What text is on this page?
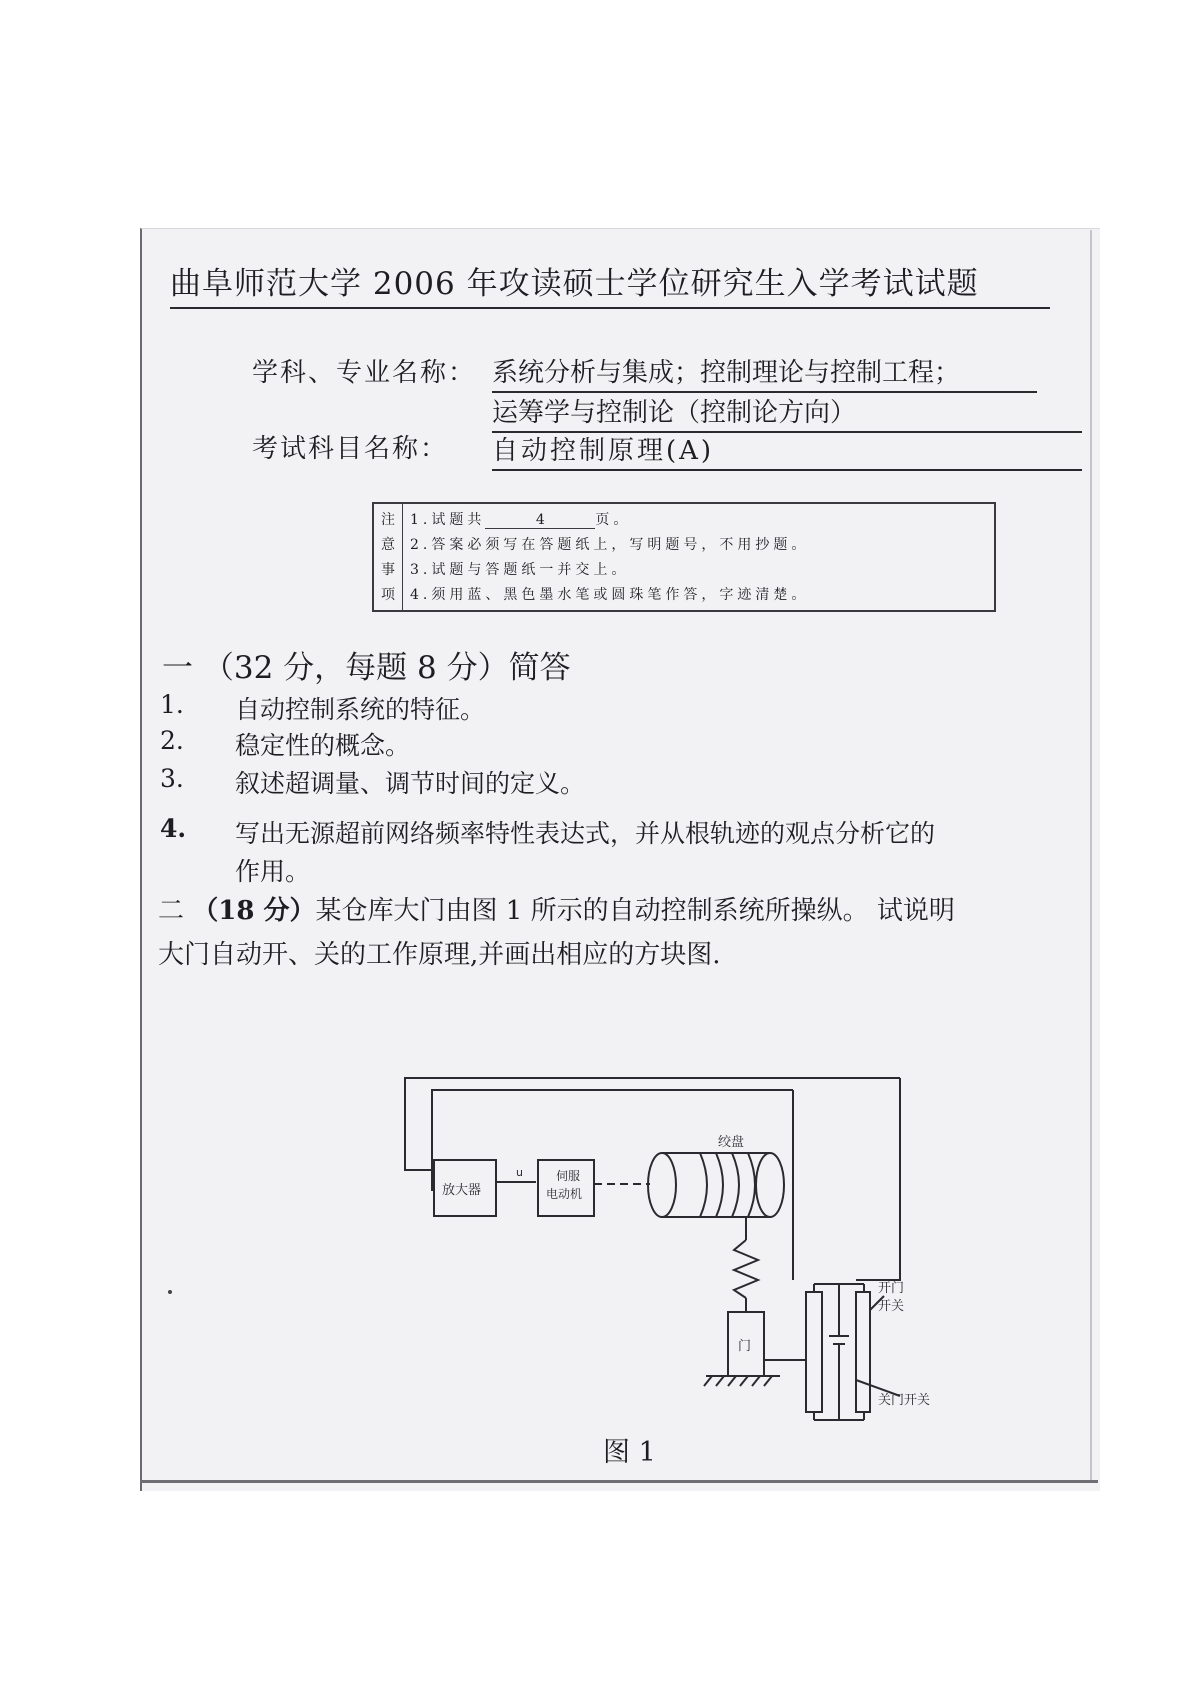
曲阜师范大学 2006 年攻读硕士学位研究生入学考试试题
学科、专业名称： 系统分析与集成；控制理论与控制工程；
运筹学与控制论（控制论方向）
考试科目名称： 自动控制原理(A)
注
意
事
项
1.试题共	4	页。
2.答案必须写在答题纸上，写明题号，不用抄题。
3.试题与答题纸一并交上。
4.须用蓝、黑色墨水笔或圆珠笔作答，字迹清楚。
一 （32 分，每题 8 分）简答
1. 自动控制系统的特征。
2. 稳定性的概念。
3. 叙述超调量、调节时间的定义。
4. 写出无源超前网络频率特性表达式，并从根轨迹的观点分析它的
作用。
二 （18 分）某仓库大门由图 1 所示的自动控制系统所操纵。 试说明
大门自动开、关的工作原理,并画出相应的方块图.
放大器
伺服
电动机
u
绞盘
门
开门
开关
关门开关
图 1
